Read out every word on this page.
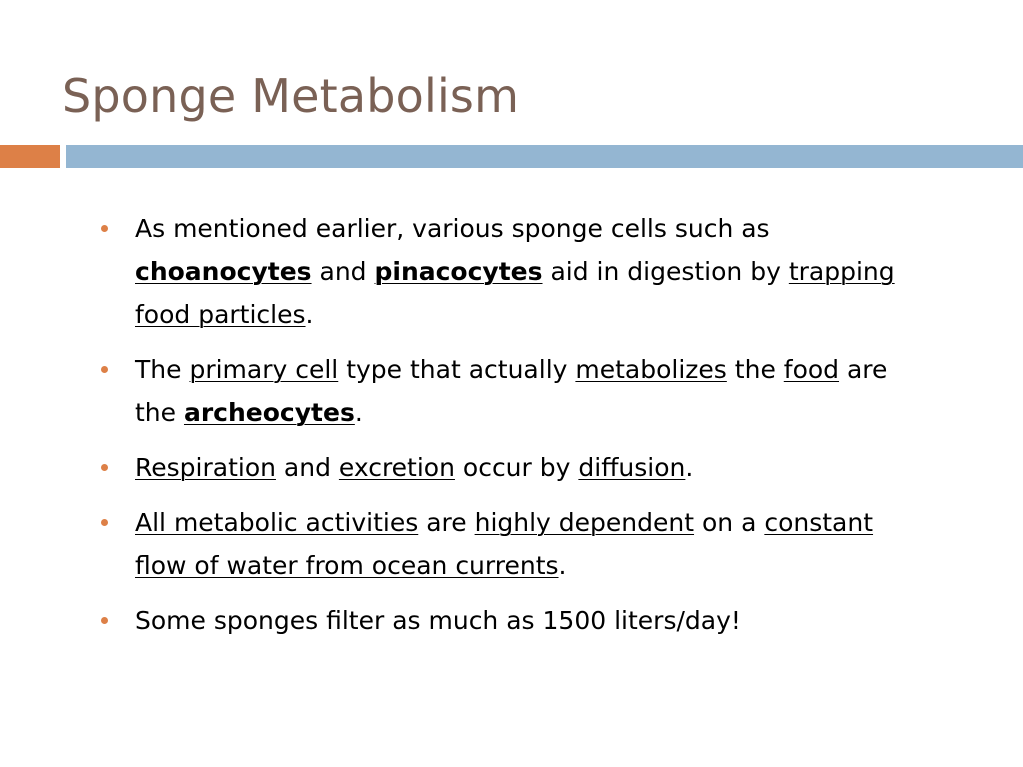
Sponge Metabolism
As mentioned earlier, various sponge cells such as choanocytes and pinacocytes aid in digestion by trapping food particles.
The primary cell type that actually metabolizes the food are the archeocytes.
Respiration and excretion occur by diffusion.
All metabolic activities are highly dependent on a constant flow of water from ocean currents.
Some sponges filter as much as 1500 liters/day!
